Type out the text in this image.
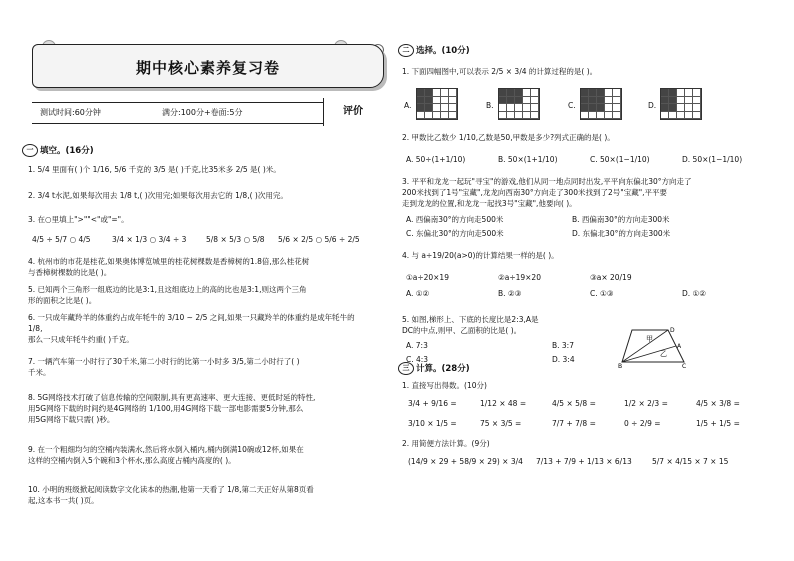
期中核心素养复习卷
测试时间:60分钟	满分:100分+卷面:5分	评价
一 填空。(16分)
1. 5/4 里面有( )个 1/16, 5/6 千克的 3/5 是( )千克,比35米多 2/5 是( )米。
2. 3/4 t水泥,如果每次用去 1/8 t,( )次用完;如果每次用去它的 1/8,( )次用完。
3. 在○里填上">""<"或"="。
4/5 ÷ 5/7 ○ 4/5	3/4 × 1/3 ○ 3/4 ÷ 3	5/8 × 5/3 ○ 5/8 5/6 × 2/5 ○ 5/6 ÷ 2/5
4. 杭州市的市花是桂花,如果奥体博览城里的桂花树棵数是香樟树的1.8倍,那么桂花树
与香樟树棵数的比是( )。
5. 已知两个三角形一组底边的比是3:1,且这组底边上的高的比也是3:1,则这两个三角
形的面积之比是( )。
6. 一只成年藏羚羊的体重约占成年牦牛的 3/10 ~ 2/5 之间,如果一只藏羚羊的体重约是成年牦牛的 1/8,
那么一只成年牦牛约重( )千克。
7. 一辆汽车第一小时行了30千米,第二小时行的比第一小时多 3/5,第二小时行了( )
千米。
8. 5G网络技术打破了信息传输的空间限制,具有更高速率、更大连接、更低时延的特性,
用5G网络下载的时间约是4G网络的 1/100,用4G网络下载一部电影需要5分钟,那么
用5G网络下载只需( )秒。
9. 在一个粗细均匀的空桶内装满水,然后将水倒入桶内,桶内倒满10碗或12杯,如果在
这样的空桶内倒入5个碗和3个杯水,那么高度占桶内高度的( )。
10. 小明的班级掀起阅读数字文化读本的热潮,他第一天看了 1/8,第二天正好从第8页看
起,这本书一共( )页。
二 选择。(10分)
1. 下面四幅图中,可以表示 2/5 × 3/4 的计算过程的是( )。
A.	B.	C.	D.
2. 甲数比乙数少 1/10,乙数是50,甲数是多少?列式正确的是( )。
A. 50÷(1+1/10)	B. 50×(1+1/10)	C. 50×(1−1/10)	D. 50×(1−1/10)
3. 平平和龙龙一起玩"寻宝"的游戏,他们从同一地点同时出发,平平向东偏北30°方向走了
200米找到了1号"宝藏",龙龙向西南30°方向走了300米找到了2号"宝藏",平平要
走到龙龙的位置,和龙龙一起找3号"宝藏",他要向( )。
A. 西偏南30°的方向走500米	B. 西偏南30°的方向走300米
C. 东偏北30°的方向走500米	D. 东偏北30°的方向走300米
4. 与 a÷19/20(a>0)的计算结果一样的是( )。
①a÷20×19	②a÷19×20	③a× 20/19
A. ①②	B. ②③	C. ①③	D. ①②
5. 如图,梯形上、下底的长度比是2:3,A是
DC的中点,则甲、乙面积的比是( )。
A. 7:3	B. 3:7
C. 4:3	D. 3:4
甲
乙
A
D
C
B
三 计算。(28分)
1. 直接写出得数。(10分)
3/4 + 9/16 =	1/12 × 48 =	4/5 × 5/8 =	1/2 × 2/3 =	4/5 × 3/8 =
3/10 × 1/5 =	75 × 3/5 =	7/7 + 7/8 =	0 ÷ 2/9 =	1/5 + 1/5 =
2. 用简便方法计算。(9分)
(14/9 × 29 + 58/9 × 29) × 3/4 7/13 + 7/9 + 1/13 × 6/13	5/7 × 4/15 × 7 × 15
